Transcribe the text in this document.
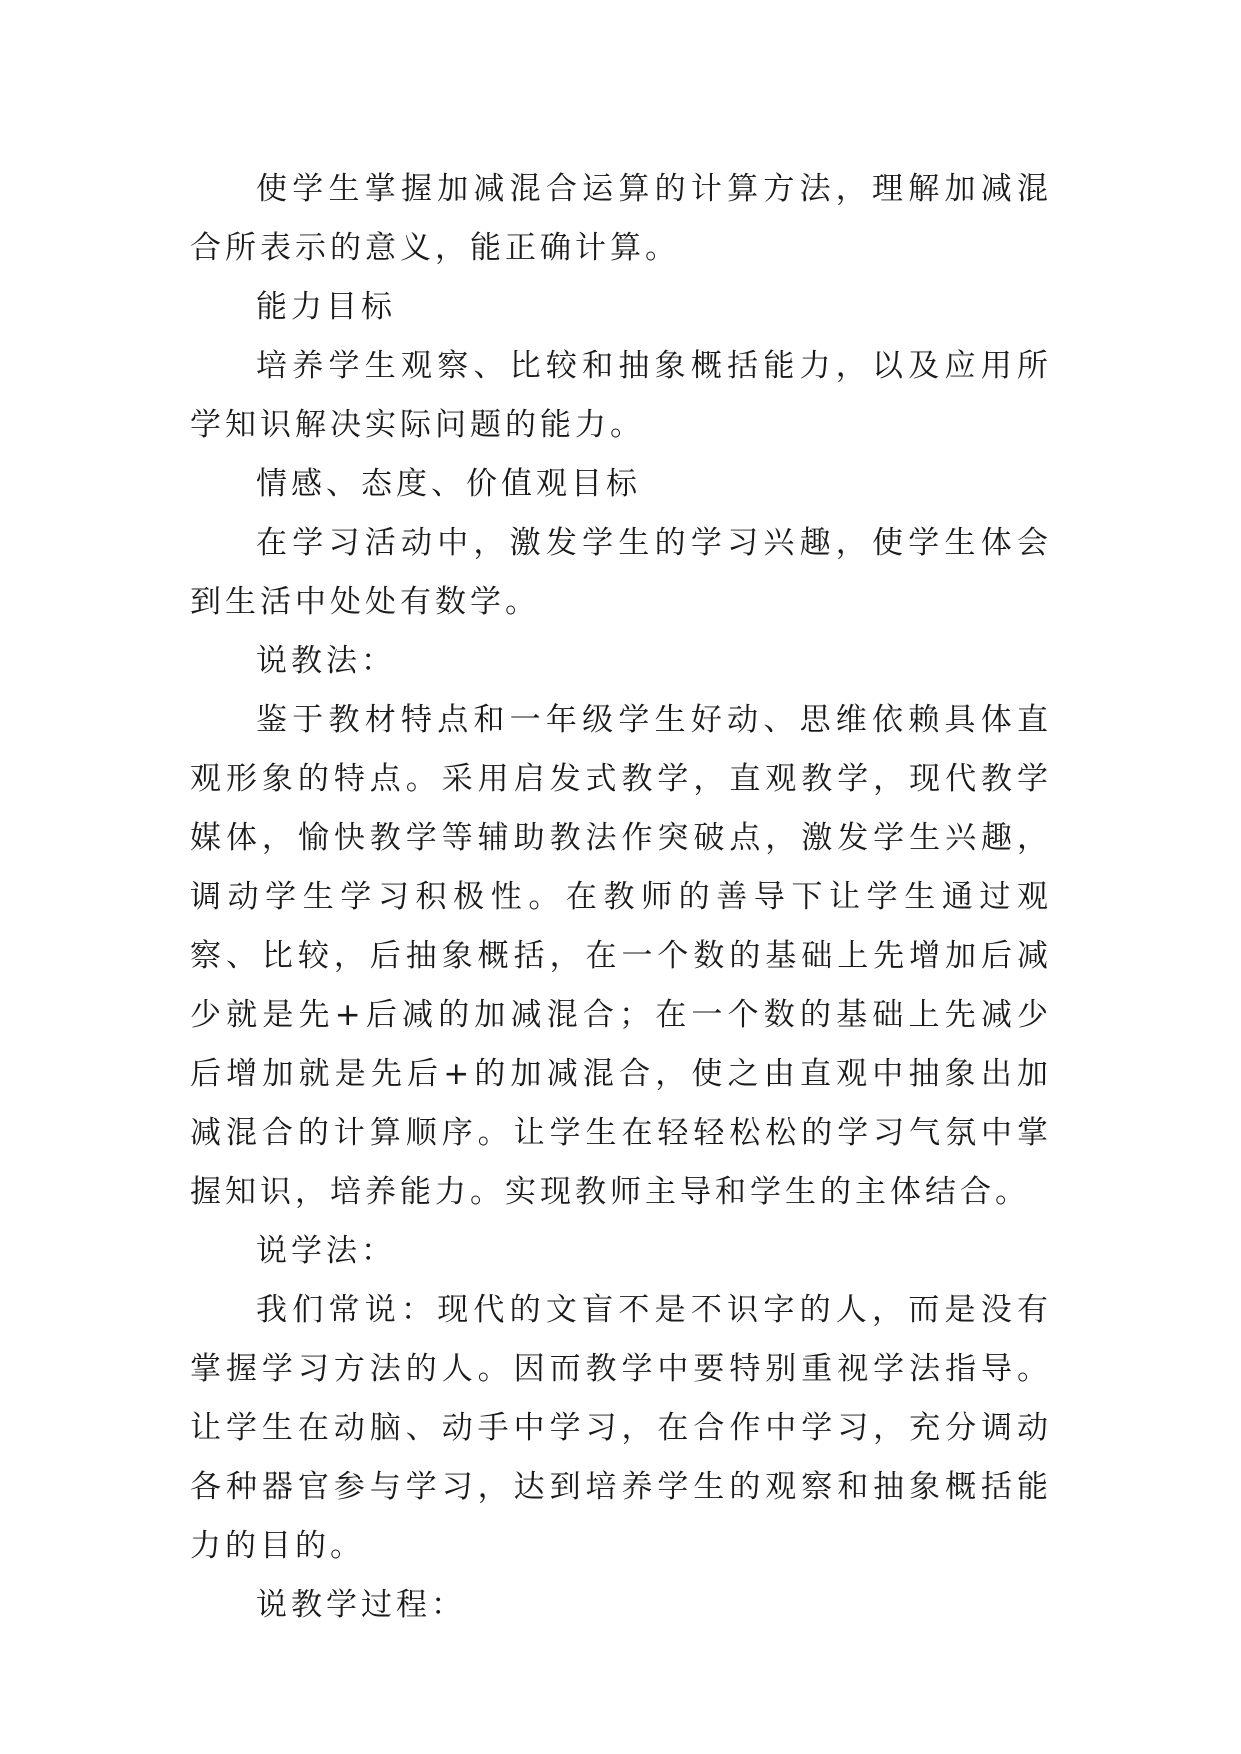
使学生掌握加减混合运算的计算方法，理解加减混合所表示的意义，能正确计算。

能力目标

培养学生观察、比较和抽象概括能力，以及应用所学知识解决实际问题的能力。

情感、态度、价值观目标

在学习活动中，激发学生的学习兴趣，使学生体会到生活中处处有数学。

说教法：

鉴于教材特点和一年级学生好动、思维依赖具体直观形象的特点。采用启发式教学，直观教学，现代教学媒体，愉快教学等辅助教法作突破点，激发学生兴趣，调动学生学习积极性。在教师的善导下让学生通过观察、比较，后抽象概括，在一个数的基础上先增加后减少就是先+后减的加减混合；在一个数的基础上先减少后增加就是先后+的加减混合，使之由直观中抽象出加减混合的计算顺序。让学生在轻轻松松的学习气氛中掌握知识，培养能力。实现教师主导和学生的主体结合。

说学法：

我们常说：现代的文盲不是不识字的人，而是没有掌握学习方法的人。因而教学中要特别重视学法指导。让学生在动脑、动手中学习，在合作中学习，充分调动各种器官参与学习，达到培养学生的观察和抽象概括能力的目的。

说教学过程：
